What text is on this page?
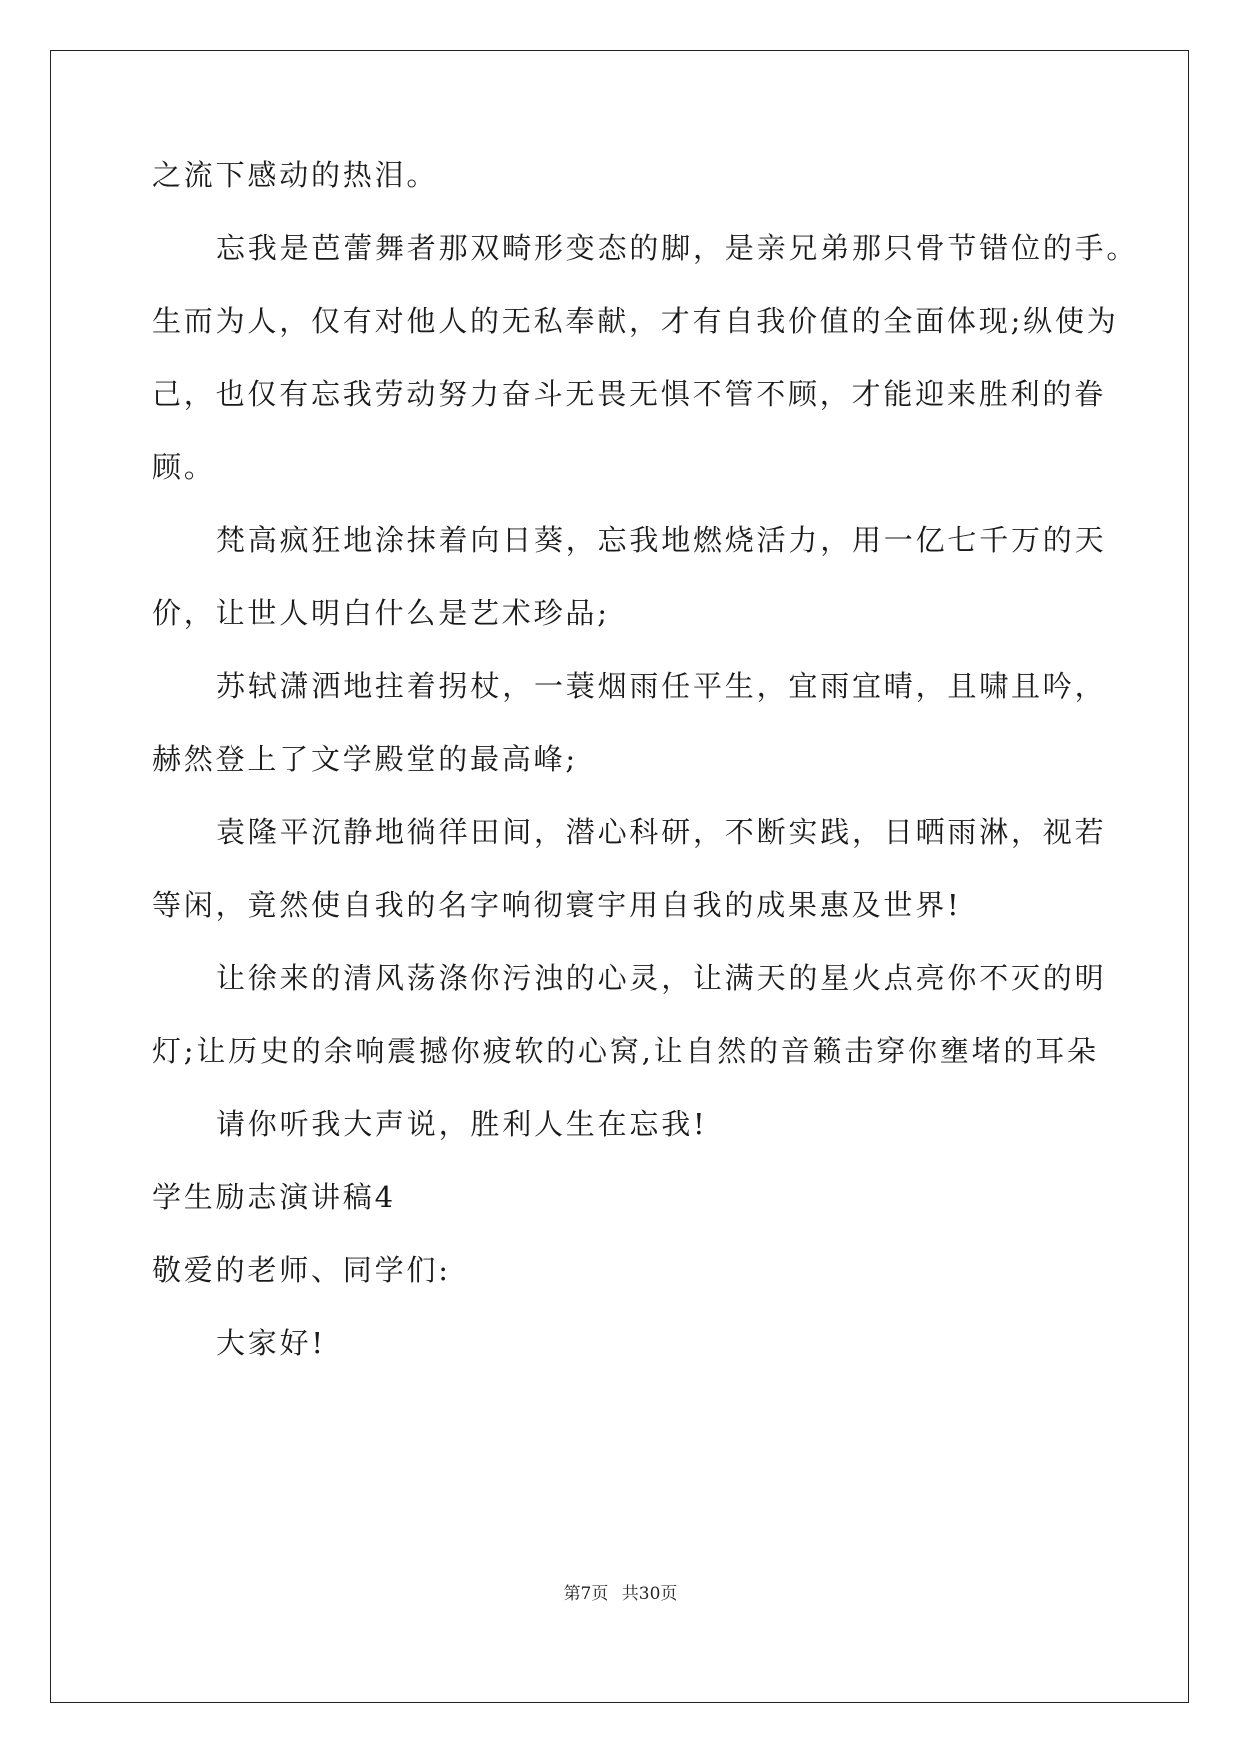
之流下感动的热泪。
忘我是芭蕾舞者那双畸形变态的脚，是亲兄弟那只骨节错位的手。
生而为人，仅有对他人的无私奉献，才有自我价值的全面体现;纵使为
己，也仅有忘我劳动努力奋斗无畏无惧不管不顾，才能迎来胜利的眷
顾。
梵高疯狂地涂抹着向日葵，忘我地燃烧活力，用一亿七千万的天
价，让世人明白什么是艺术珍品;
苏轼潇洒地拄着拐杖，一蓑烟雨任平生，宜雨宜晴，且啸且吟，
赫然登上了文学殿堂的最高峰;
袁隆平沉静地徜徉田间，潜心科研，不断实践，日晒雨淋，视若
等闲，竟然使自我的名字响彻寰宇用自我的成果惠及世界!
让徐来的清风荡涤你污浊的心灵，让满天的星火点亮你不灭的明
灯;让历史的余响震撼你疲软的心窝,让自然的音籁击穿你壅堵的耳朵
请你听我大声说，胜利人生在忘我!
学生励志演讲稿4
敬爱的老师、同学们:
大家好!
第7页 共30页
